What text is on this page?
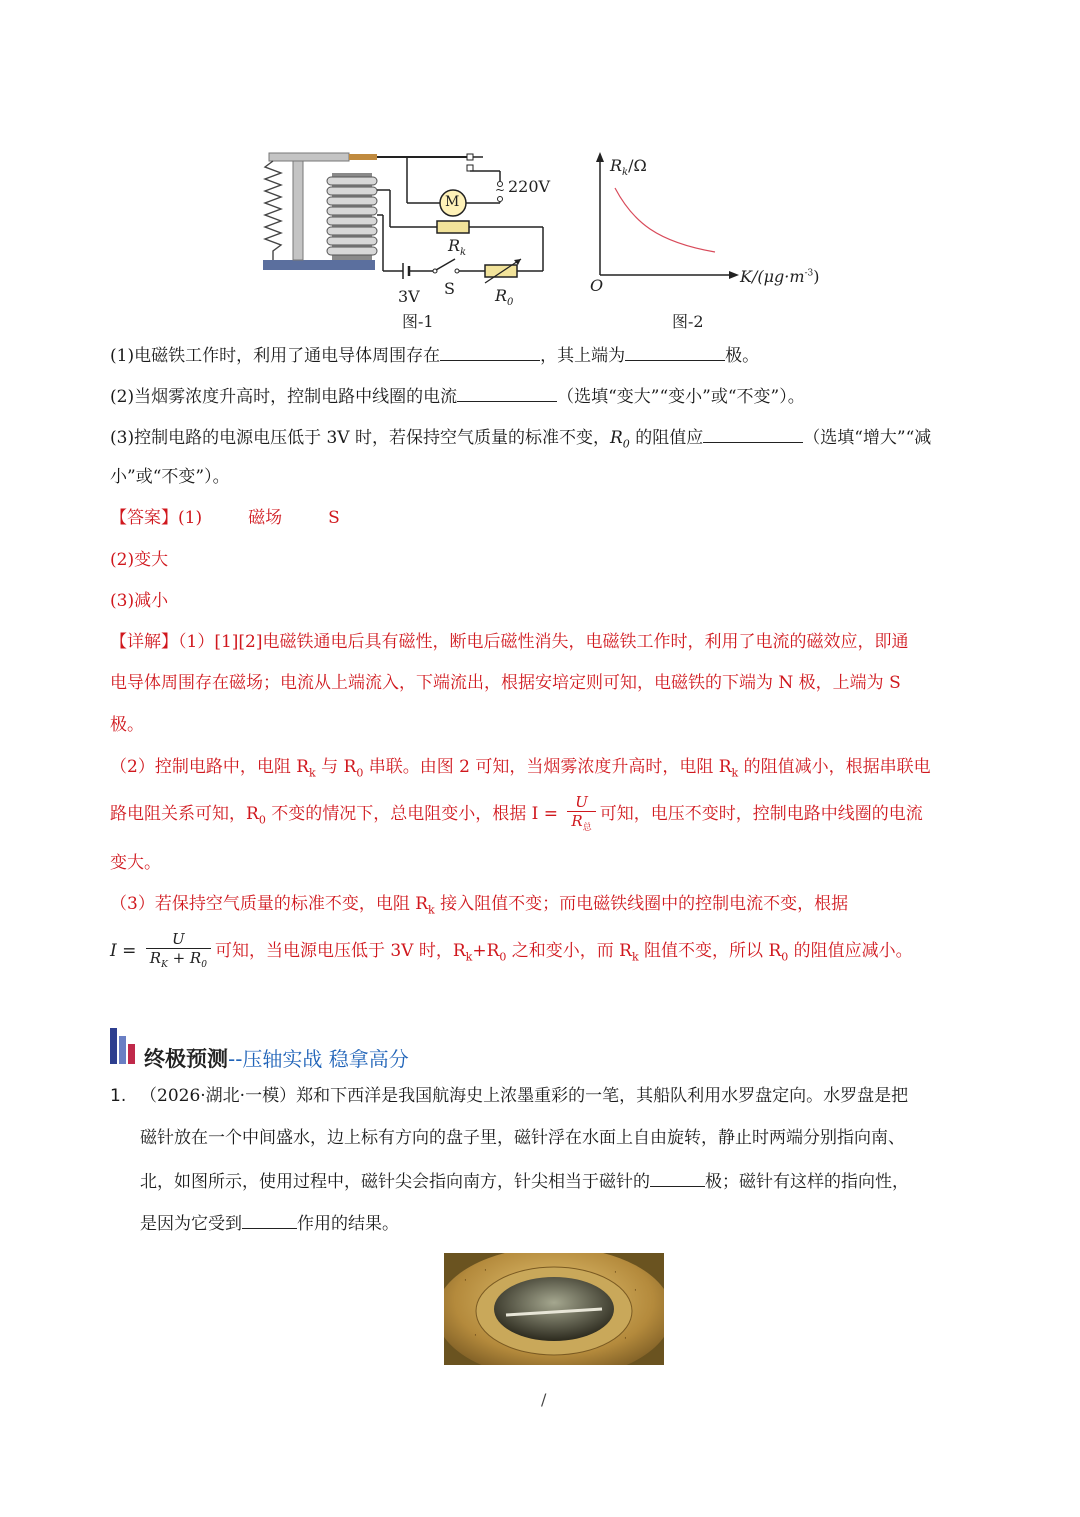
~
M
220V
$R_k$
3V S	$R_0$
图-1
$R_k/\Omega$
O	$K/(\mu g\cdot m^{-3})$
图-2
(1)电磁铁工作时，利用了通电导体周围存在	，其上端为	极。
(2)当烟雾浓度升高时，控制电路中线圈的电流	（选填“变大”“变小”或“不变”）。
(3)控制电路的电源电压低于 3V 时，若保持空气质量的标准不变，$R_0$ 的阻值应	（选填“增大”“减
小”或“不变”）。
【答案】(1)	磁场	S
(2)变大
(3)减小
【详解】（1）[1][2]电磁铁通电后具有磁性，断电后磁性消失，电磁铁工作时，利用了电流的磁效应，即通
电导体周围存在磁场；电流从上端流入，下端流出，根据安培定则可知，电磁铁的下端为 N 极，上端为 S
极。
（2）控制电路中，电阻 $R_k$ 与 $R_0$ 串联。由图 2 可知，当烟雾浓度升高时，电阻 $R_k$ 的阻值减小，根据串联电
路电阻关系可知，$R_0$ 不变的情况下，总电阻变小，根据 $I = \frac{U}{R_总}$ 可知，电压不变时，控制电路中线圈的电流
变大。
（3）若保持空气质量的标准不变，电阻 $R_k$ 接入阻值不变；而电磁铁线圈中的控制电流不变，根据
$I = \frac{U}{R_K + R_0}$ 可知，当电源电压低于 3V 时，$R_k+R_0$ 之和变小，而 $R_k$ 阻值不变，所以 $R_0$ 的阻值应减小。
终极预测--压轴实战 稳拿高分
1. （2026·湖北·一模）郑和下西洋是我国航海史上浓墨重彩的一笔，其船队利用水罗盘定向。水罗盘是把
磁针放在一个中间盛水，边上标有方向的盘子里，磁针浮在水面上自由旋转，静止时两端分别指向南、
北，如图所示，使用过程中，磁针尖会指向南方，针尖相当于磁针的	极；磁针有这样的指向性，
是因为它受到	作用的结果。
·
·	·
·
·	·
/
